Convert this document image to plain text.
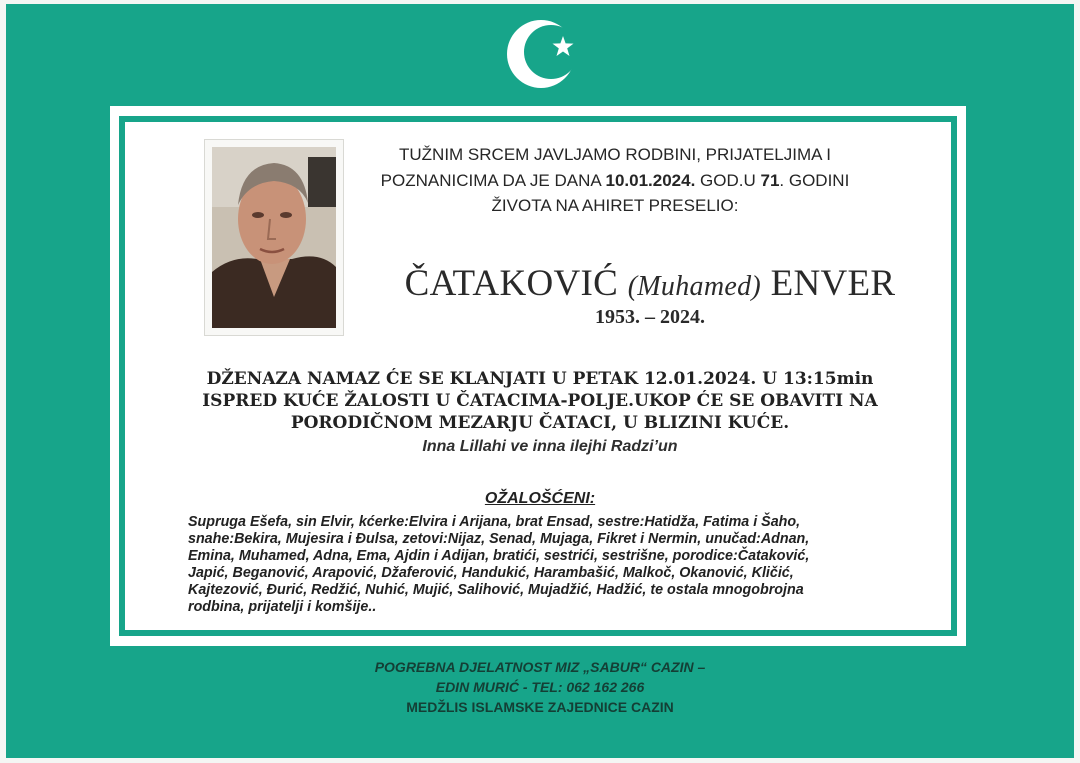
TUŽNIM SRCEM JAVLJAMO RODBINI, PRIJATELJIMA I
POZNANICIMA DA JE DANA 10.01.2024. GOD.U 71. GODINI
ŽIVOTA NA AHIRET PRESELIO:
ČATAKOVIĆ (Muhamed) ENVER
1953. – 2024.
DŽENAZA NAMAZ ĆE SE KLANJATI U PETAK 12.01.2024. U 13:15min
ISPRED KUĆE ŽALOSTI U ČATACIMA-POLJE.UKOP ĆE SE OBAVITI NA
PORODIČNOM MEZARJU ČATACI, U BLIZINI KUĆE.
Inna Lillahi ve inna ilejhi Radzi’un
OŽALOŠĆENI:
Supruga Ešefa, sin Elvir, kćerke:Elvira i Arijana, brat Ensad, sestre:Hatidža, Fatima i Šaho,
snahe:Bekira, Mujesira i Đulsa, zetovi:Nijaz, Senad, Mujaga, Fikret i Nermin, unučad:Adnan,
Emina, Muhamed, Adna, Ema, Ajdin i Adijan, bratići, sestrići, sestrišne, porodice:Čataković,
Japić, Beganović, Arapović, Džaferović, Handukić, Harambašić, Malkoč, Okanović, Kličić,
Kajtezović, Đurić, Redžić, Nuhić, Mujić, Salihović, Mujadžić, Hadžić, te ostala mnogobrojna
rodbina, prijatelji i komšije..
POGREBNA DJELATNOST MIZ „SABUR“ CAZIN –
EDIN MURIĆ - TEL: 062 162 266
MEDŽLIS ISLAMSKE ZAJEDNICE CAZIN
